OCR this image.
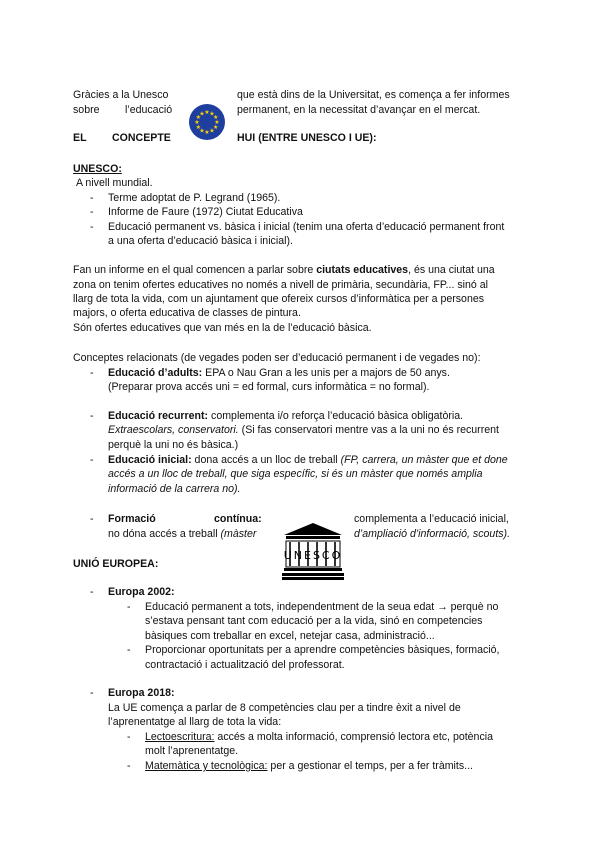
Gràcies a la Unesco	que està dins de la Universitat, es comença a fer informes
sobre l’educació	permanent, en la necessitat d’avançar en el mercat.
★ ★
★
★
★
★
★
★
★
★
★
★
EL CONCEPTE	HUI (ENTRE UNESCO I UE):
UNESCO:
A nivell mundial.
- Terme adoptat de P. Legrand (1965).
- Informe de Faure (1972) Ciutat Educativa
- Educació permanent vs. bàsica i inicial (tenim una oferta d’educació permanent front
a una oferta d’educació bàsica i inicial).
Fan un informe en el qual comencen a parlar sobre ciutats educatives, és una ciutat una
zona on tenim ofertes educatives no només a nivell de primària, secundària, FP... sinó al
llarg de tota la vida, com un ajuntament que ofereix cursos d’informàtica per a persones
majors, o oferta educativa de classes de pintura.
Són ofertes educatives que van més en la de l’educació bàsica.
Conceptes relacionats (de vegades poden ser d’educació permanent i de vegades no):
- Educació d’adults: EPA o Nau Gran a les unis per a majors de 50 anys.
(Preparar prova accés uni = ed formal, curs informàtica = no formal).
- Educació recurrent: complementa i/o reforça l’educació bàsica obligatòria.
Extraescolars, conservatori. (Si fas conservatori mentre vas a la uni no és recurrent
perquè la uni no és bàsica.)
- Educació inicial: dona accés a un lloc de treball (FP, carrera, un màster que et done
accés a un lloc de treball, que siga específic, si és un màster que només amplia
informació de la carrera no).
- Formació	contínua:	complementa a l’educació inicial,
no dóna accés a treball (màster	d’ampliació d’informació, scouts).
UNESCO
UNIÓ EUROPEA:
- Europa 2002:
- Educació permanent a tots, independentment de la seua edat → perquè no
s’estava pensant tant com educació per a la vida, sinó en competencies
bàsiques com treballar en excel, netejar casa, administració...
- Proporcionar oportunitats per a aprendre competències bàsiques, formació,
contractació i actualització del professorat.
- Europa 2018:
La UE comença a parlar de 8 competències clau per a tindre èxit a nivel de
l’aprenentatge al llarg de tota la vida:
- Lectoescritura: accés a molta informació, comprensió lectora etc, potència
molt l’aprenentatge.
- Matemàtica y tecnològica: per a gestionar el temps, per a fer tràmits...
